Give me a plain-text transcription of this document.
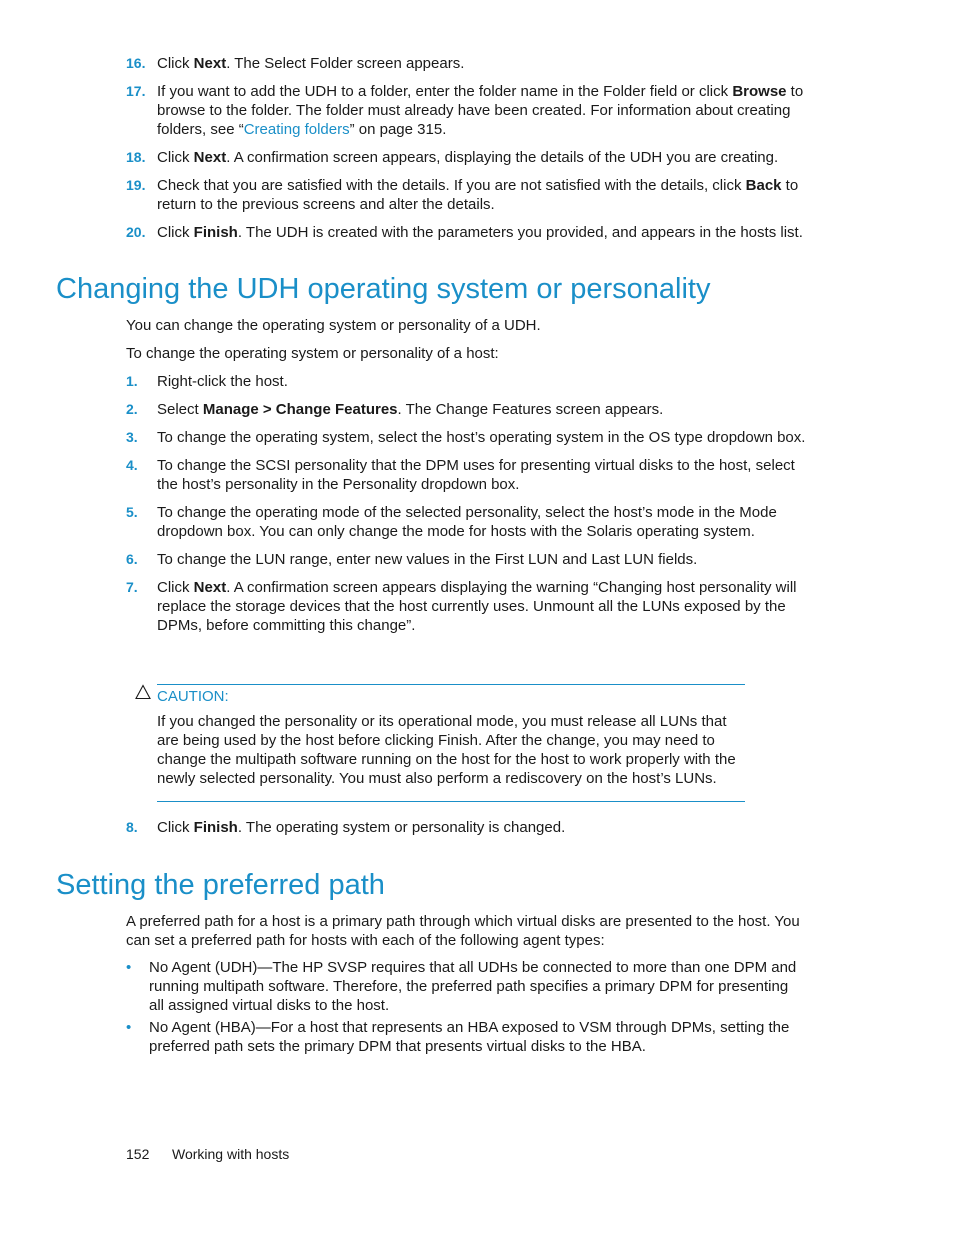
16. Click Next. The Select Folder screen appears.
17. If you want to add the UDH to a folder, enter the folder name in the Folder field or click Browse to browse to the folder. The folder must already have been created. For information about creating folders, see “Creating folders” on page 315.
18. Click Next. A confirmation screen appears, displaying the details of the UDH you are creating.
19. Check that you are satisfied with the details. If you are not satisfied with the details, click Back to return to the previous screens and alter the details.
20. Click Finish. The UDH is created with the parameters you provided, and appears in the hosts list.
Changing the UDH operating system or personality

You can change the operating system or personality of a UDH.

To change the operating system or personality of a host:

1. Right-click the host.
2. Select Manage > Change Features. The Change Features screen appears.
3. To change the operating system, select the host’s operating system in the OS type dropdown box.
4. To change the SCSI personality that the DPM uses for presenting virtual disks to the host, select the host’s personality in the Personality dropdown box.
5. To change the operating mode of the selected personality, select the host’s mode in the Mode dropdown box. You can only change the mode for hosts with the Solaris operating system.
6. To change the LUN range, enter new values in the First LUN and Last LUN fields.
7. Click Next. A confirmation screen appears displaying the warning “Changing host personality will replace the storage devices that the host currently uses. Unmount all the LUNs exposed by the DPMs, before committing this change”.
CAUTION:
If you changed the personality or its operational mode, you must release all LUNs that are being used by the host before clicking Finish. After the change, you may need to change the multipath software running on the host for the host to work properly with the newly selected personality. You must also perform a rediscovery on the host’s LUNs.
8. Click Finish. The operating system or personality is changed.
Setting the preferred path

A preferred path for a host is a primary path through which virtual disks are presented to the host. You can set a preferred path for hosts with each of the following agent types:

• No Agent (UDH)—The HP SVSP requires that all UDHs be connected to more than one DPM and running multipath software. Therefore, the preferred path specifies a primary DPM for presenting all assigned virtual disks to the host.
• No Agent (HBA)—For a host that represents an HBA exposed to VSM through DPMs, setting the preferred path sets the primary DPM that presents virtual disks to the HBA.
152 Working with hosts
